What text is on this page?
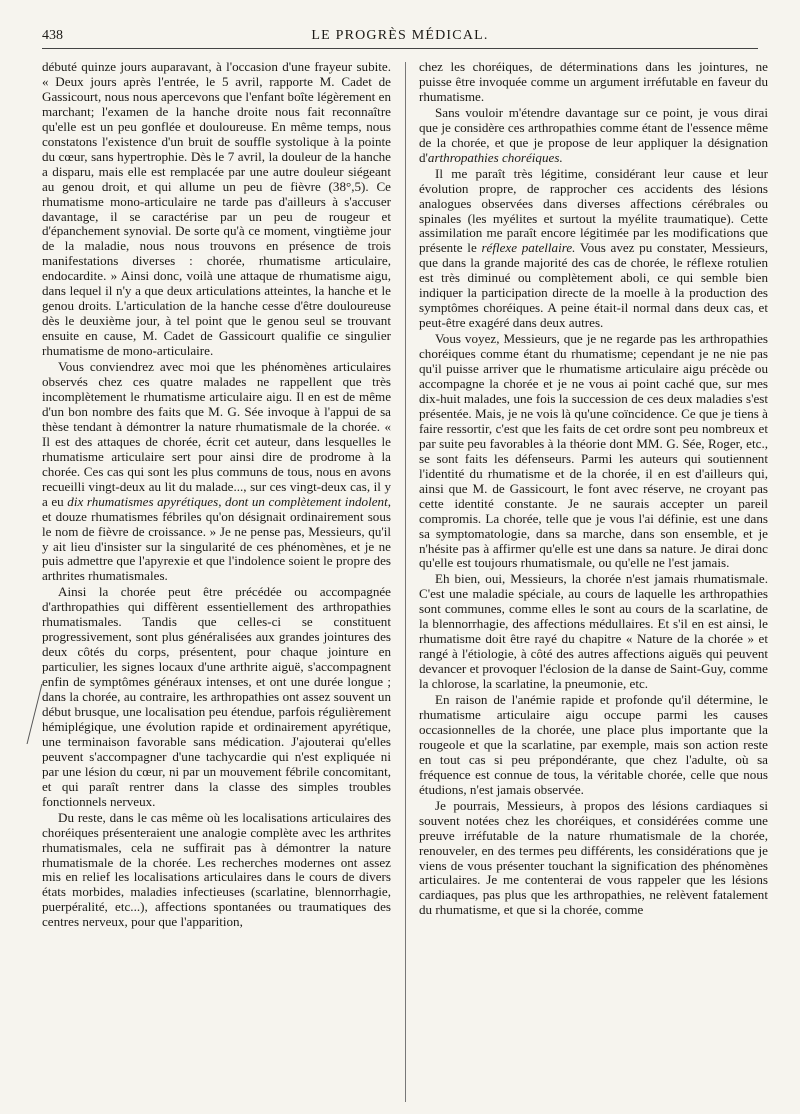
438	LE PROGRÈS MÉDICAL.

débuté quinze jours auparavant, à l'occasion d'une frayeur subite. « Deux jours après l'entrée, le 5 avril, rapporte M. Cadet de Gassicourt, nous nous apercevons que l'enfant boîte légèrement en marchant; l'examen de la hanche droite nous fait reconnaître qu'elle est un peu gonflée et douloureuse. En même temps, nous constatons l'existence d'un bruit de souffle systolique à la pointe du cœur, sans hypertrophie. Dès le 7 avril, la douleur de la hanche a disparu, mais elle est remplacée par une autre douleur siégeant au genou droit, et qui allume un peu de fièvre (38°,5). Ce rhumatisme mono-articulaire ne tarde pas d'ailleurs à s'accuser davantage, il se caractérise par un peu de rougeur et d'épanchement synovial. De sorte qu'à ce moment, vingtième jour de la maladie, nous nous trouvons en présence de trois manifestations diverses : chorée, rhumatisme articulaire, endocardite. » Ainsi donc, voilà une attaque de rhumatisme aigu, dans lequel il n'y a que deux articulations atteintes, la hanche et le genou droits. L'articulation de la hanche cesse d'être douloureuse dès le deuxième jour, à tel point que le genou seul se trouvant ensuite en cause, M. Cadet de Gassicourt qualifie ce singulier rhumatisme de mono-articulaire.

Vous conviendrez avec moi que les phénomènes articulaires observés chez ces quatre malades ne rappellent que très incomplètement le rhumatisme articulaire aigu. Il en est de même d'un bon nombre des faits que M. G. Sée invoque à l'appui de sa thèse tendant à démontrer la nature rhumatismale de la chorée. « Il est des attaques de chorée, écrit cet auteur, dans lesquelles le rhumatisme articulaire sert pour ainsi dire de prodrome à la chorée. Ces cas qui sont les plus communs de tous, nous en avons recueilli vingt-deux au lit du malade..., sur ces vingt-deux cas, il y a eu dix rhumatismes apyrétiques, dont un complètement indolent, et douze rhumatismes fébriles qu'on désignait ordinairement sous le nom de fièvre de croissance. » Je ne pense pas, Messieurs, qu'il y ait lieu d'insister sur la singularité de ces phénomènes, et je ne puis admettre que l'apyrexie et que l'indolence soient le propre des arthrites rhumatismales.

Ainsi la chorée peut être précédée ou accompagnée d'arthropathies qui diffèrent essentiellement des arthropathies rhumatismales. Tandis que celles-ci se constituent progressivement, sont plus généralisées aux grandes jointures des deux côtés du corps, présentent, pour chaque jointure en particulier, les signes locaux d'une arthrite aiguë, s'accompagnent enfin de symptômes généraux intenses, et ont une durée longue ; dans la chorée, au contraire, les arthropathies ont assez souvent un début brusque, une localisation peu étendue, parfois régulièrement hémiplégique, une évolution rapide et ordinairement apyrétique, une terminaison favorable sans médication. J'ajouterai qu'elles peuvent s'accompagner d'une tachycardie qui n'est expliquée ni par une lésion du cœur, ni par un mouvement fébrile concomitant, et qui paraît rentrer dans la classe des simples troubles fonctionnels nerveux.

Du reste, dans le cas même où les localisations articulaires des choréiques présenteraient une analogie complète avec les arthrites rhumatismales, cela ne suffirait pas à démontrer la nature rhumatismale de la chorée. Les recherches modernes ont assez mis en relief les localisations articulaires dans le cours de divers états morbides, maladies infectieuses (scarlatine, blennorrhagie, puerpéralité, etc...), affections spontanées ou traumatiques des centres nerveux, pour que l'apparition,

chez les choréiques, de déterminations dans les jointures, ne puisse être invoquée comme un argument irréfutable en faveur du rhumatisme.

Sans vouloir m'étendre davantage sur ce point, je vous dirai que je considère ces arthropathies comme étant de l'essence même de la chorée, et que je propose de leur appliquer la désignation d'arthropathies choréiques.

Il me paraît très légitime, considérant leur cause et leur évolution propre, de rapprocher ces accidents des lésions analogues observées dans diverses affections cérébrales ou spinales (les myélites et surtout la myélite traumatique). Cette assimilation me paraît encore légitimée par les modifications que présente le réflexe patellaire. Vous avez pu constater, Messieurs, que dans la grande majorité des cas de chorée, le réflexe rotulien est très diminué ou complètement aboli, ce qui semble bien indiquer la participation directe de la moelle à la production des symptômes choréiques. A peine était-il normal dans deux cas, et peut-être exagéré dans deux autres.

Vous voyez, Messieurs, que je ne regarde pas les arthropathies choréiques comme étant du rhumatisme; cependant je ne nie pas qu'il puisse arriver que le rhumatisme articulaire aigu précède ou accompagne la chorée et je ne vous ai point caché que, sur mes dix-huit malades, une fois la succession de ces deux maladies s'est présentée. Mais, je ne vois là qu'une coïncidence. Ce que je tiens à faire ressortir, c'est que les faits de cet ordre sont peu nombreux et par suite peu favorables à la théorie dont MM. G. Sée, Roger, etc., se sont faits les défenseurs. Parmi les auteurs qui soutiennent l'identité du rhumatisme et de la chorée, il en est d'ailleurs qui, ainsi que M. de Gassicourt, le font avec réserve, ne croyant pas cette identité constante. Je ne saurais accepter un pareil compromis. La chorée, telle que je vous l'ai définie, est une dans sa symptomatologie, dans sa marche, dans son ensemble, et je n'hésite pas à affirmer qu'elle est une dans sa nature. Je dirai donc qu'elle est toujours rhumatismale, ou qu'elle ne l'est jamais.

Eh bien, oui, Messieurs, la chorée n'est jamais rhumatismale. C'est une maladie spéciale, au cours de laquelle les arthropathies sont communes, comme elles le sont au cours de la scarlatine, de la blennorrhagie, des affections médullaires. Et s'il en est ainsi, le rhumatisme doit être rayé du chapitre « Nature de la chorée » et rangé à l'étiologie, à côté des autres affections aiguës qui peuvent devancer et provoquer l'éclosion de la danse de Saint-Guy, comme la chlorose, la scarlatine, la pneumonie, etc.

En raison de l'anémie rapide et profonde qu'il détermine, le rhumatisme articulaire aigu occupe parmi les causes occasionnelles de la chorée, une place plus importante que la rougeole et que la scarlatine, par exemple, mais son action reste en tout cas si peu prépondérante, que chez l'adulte, où sa fréquence est connue de tous, la véritable chorée, celle que nous étudions, n'est jamais observée.

Je pourrais, Messieurs, à propos des lésions cardiaques si souvent notées chez les choréiques, et considérées comme une preuve irréfutable de la nature rhumatismale de la chorée, renouveler, en des termes peu différents, les considérations que je viens de vous présenter touchant la signification des phénomènes articulaires. Je me contenterai de vous rappeler que les lésions cardiaques, pas plus que les arthropathies, ne relèvent fatalement du rhumatisme, et que si la chorée, comme
